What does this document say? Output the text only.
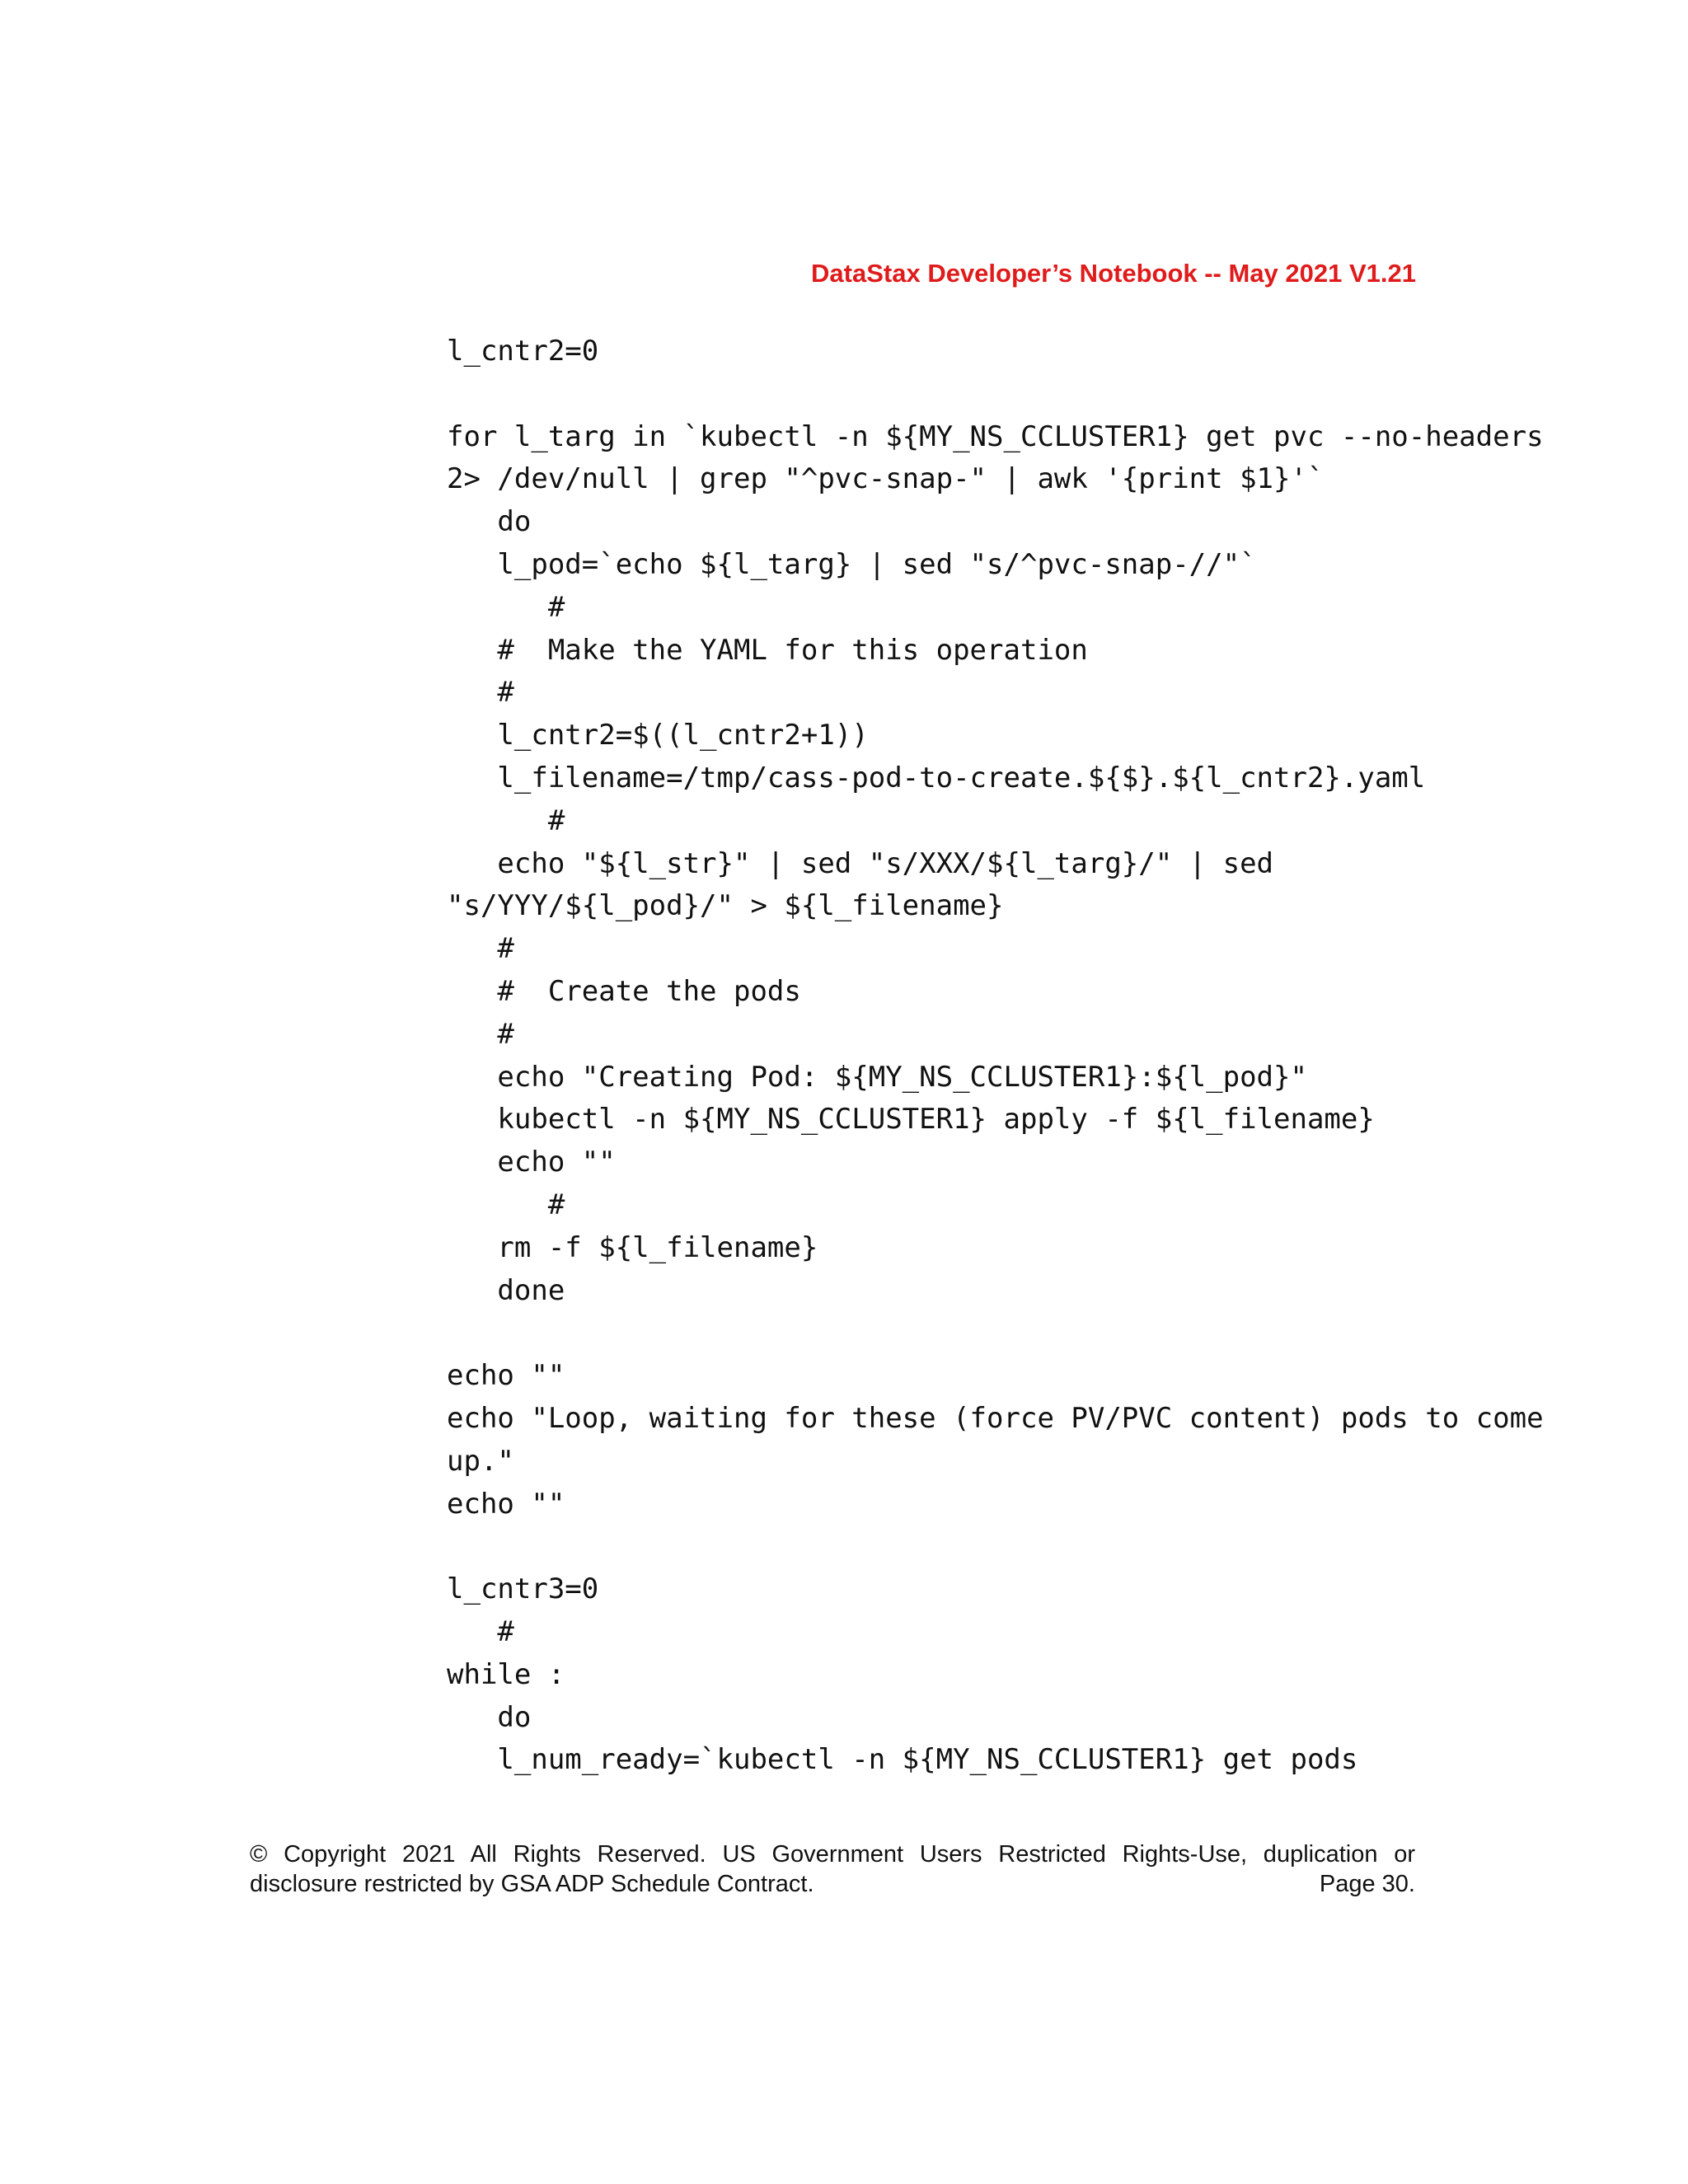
DataStax Developer’s Notebook -- May 2021 V1.21

l_cntr2=0
for l_targ in `kubectl -n ${MY_NS_CCLUSTER1} get pvc --no-headers
2> /dev/null | grep "^pvc-snap-" | awk '{print $1}'`
do
l_pod=`echo ${l_targ} | sed "s/^pvc-snap-//"`
#
#  Make the YAML for this operation
#
l_cntr2=$((l_cntr2+1))
l_filename=/tmp/cass-pod-to-create.${$}.${l_cntr2}.yaml
#
echo "${l_str}" | sed "s/XXX/${l_targ}/" | sed
"s/YYY/${l_pod}/" > ${l_filename}
#
#  Create the pods
#
echo "Creating Pod: ${MY_NS_CCLUSTER1}:${l_pod}"
kubectl -n ${MY_NS_CCLUSTER1} apply -f ${l_filename}
echo ""
#
rm -f ${l_filename}
done
echo ""
echo "Loop, waiting for these (force PV/PVC content) pods to come
up."
echo ""
l_cntr3=0
#
while :
do
l_num_ready=`kubectl -n ${MY_NS_CCLUSTER1} get pods
© Copyright 2021 All Rights Reserved. US Government Users Restricted Rights-Use, duplication or
disclosure restricted by GSA ADP Schedule Contract.	Page 30.
